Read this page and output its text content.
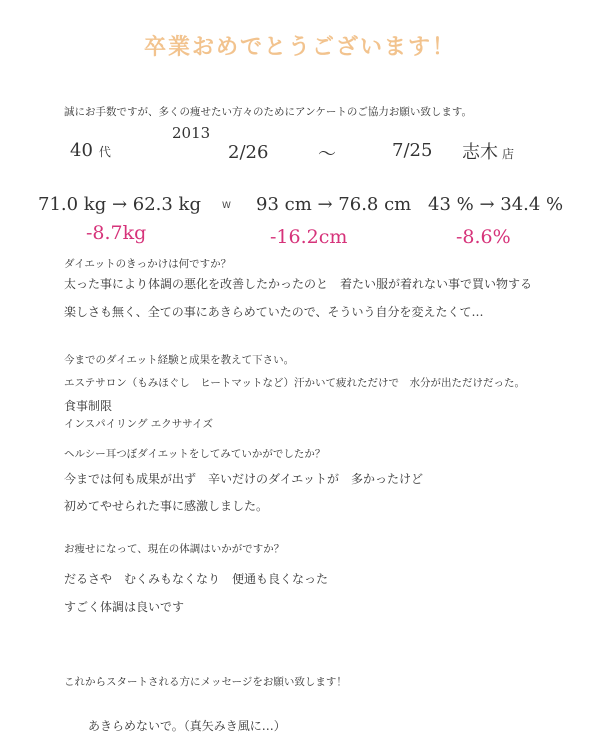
卒業おめでとうございます！
誠にお手数ですが、多くの痩せたい方々のためにアンケートのご協力お願い致します。
40 代
2013
2/26	～	7/25 志木 店
71.0 kg → 62.3 kg W 93 cm → 76.8 cm 43 % → 34.4 %
-8.7kg	-16.2cm	-8.6%
ダイエットのきっかけは何ですか？
太った事により体調の悪化を改善したかったのと　着たい服が着れない事で買い物する
楽しさも無く、全ての事にあきらめていたので、そういう自分を変えたくて…
今までのダイエット経験と成果を教えて下さい。
エステサロン（もみほぐし　ヒートマットなど）汗かいて疲れただけで　水分が出ただけだった。
食事制限
インスパイリング エクササイズ
ヘルシー耳つぼダイエットをしてみていかがでしたか？
今までは何も成果が出ず　辛いだけのダイエットが　多かったけど
初めてやせられた事に感激しました。
お痩せになって、現在の体調はいかがですか？
だるさや　むくみもなくなり　便通も良くなった
すごく体調は良いです
これからスタートされる方にメッセージをお願い致します！
あきらめないで。（真矢みき風に…）
